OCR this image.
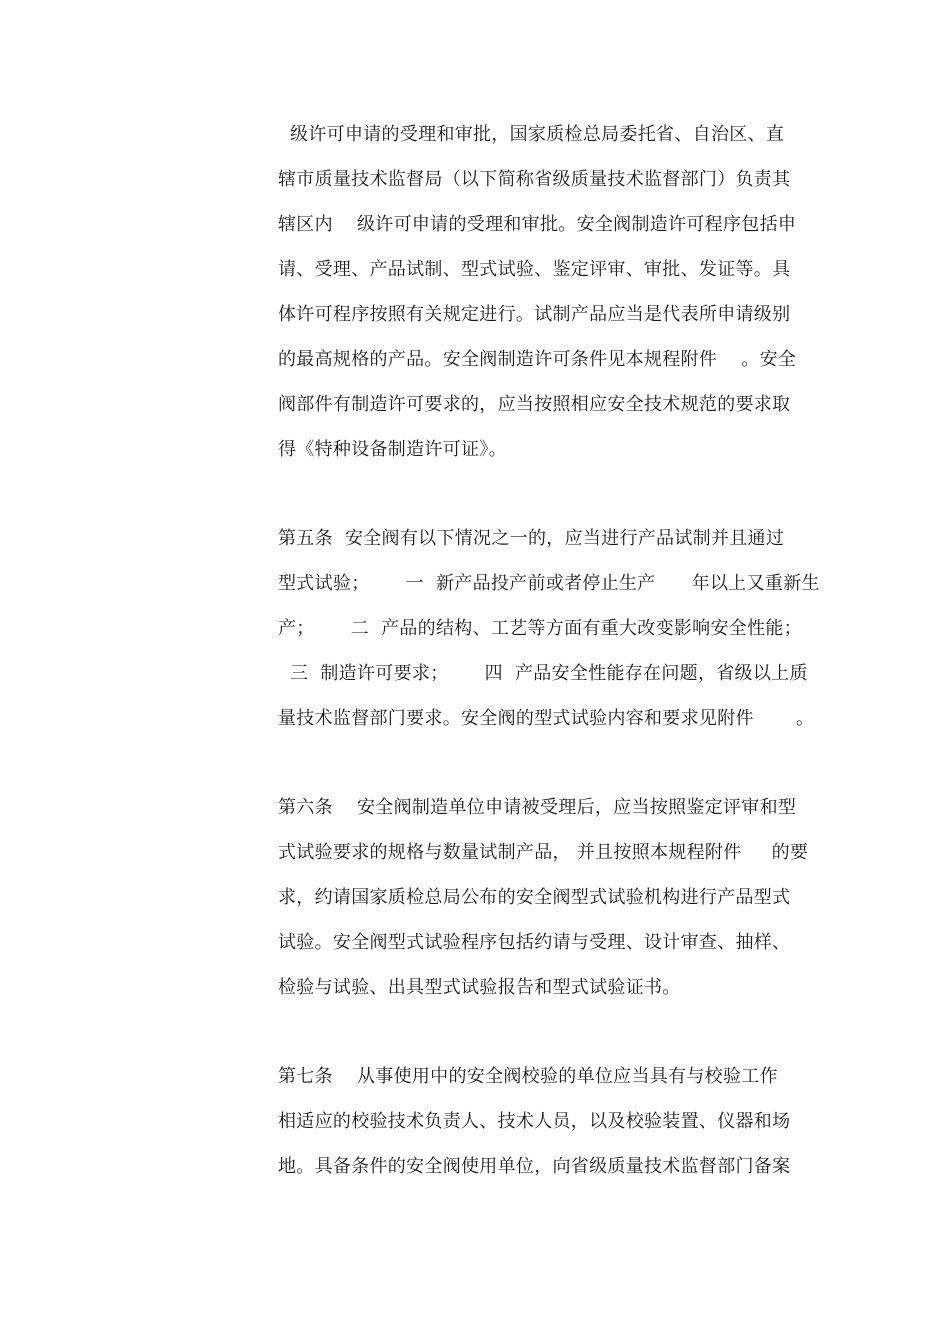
级许可申请的受理和审批，国家质检总局委托省、自治区、直
辖市质量技术监督局（以下简称省级质量技术监督部门）负责其
辖区内    级许可申请的受理和审批。安全阀制造许可程序包括申
请、受理、产品试制、型式试验、鉴定评审、审批、发证等。具
体许可程序按照有关规定进行。试制产品应当是代表所申请级别
的最高规格的产品。安全阀制造许可条件见本规程附件    。安全
阀部件有制造许可要求的，应当按照相应安全技术规范的要求取
得《特种设备制造许可证》。
第五条  安全阀有以下情况之一的，应当进行产品试制并且通过
型式试验；      一  新产品投产前或者停止生产      年以上又重新生
产；      二  产品的结构、工艺等方面有重大改变影响安全性能；
三  制造许可要求；      四  产品安全性能存在问题，省级以上质
量技术监督部门要求。安全阀的型式试验内容和要求见附件       。
第六条    安全阀制造单位申请被受理后，应当按照鉴定评审和型
式试验要求的规格与数量试制产品， 并且按照本规程附件     的要
求，约请国家质检总局公布的安全阀型式试验机构进行产品型式
试验。安全阀型式试验程序包括约请与受理、设计审查、抽样、
检验与试验、出具型式试验报告和型式试验证书。
第七条    从事使用中的安全阀校验的单位应当具有与校验工作
相适应的校验技术负责人、技术人员，以及校验装置、仪器和场
地。具备条件的安全阀使用单位，向省级质量技术监督部门备案
